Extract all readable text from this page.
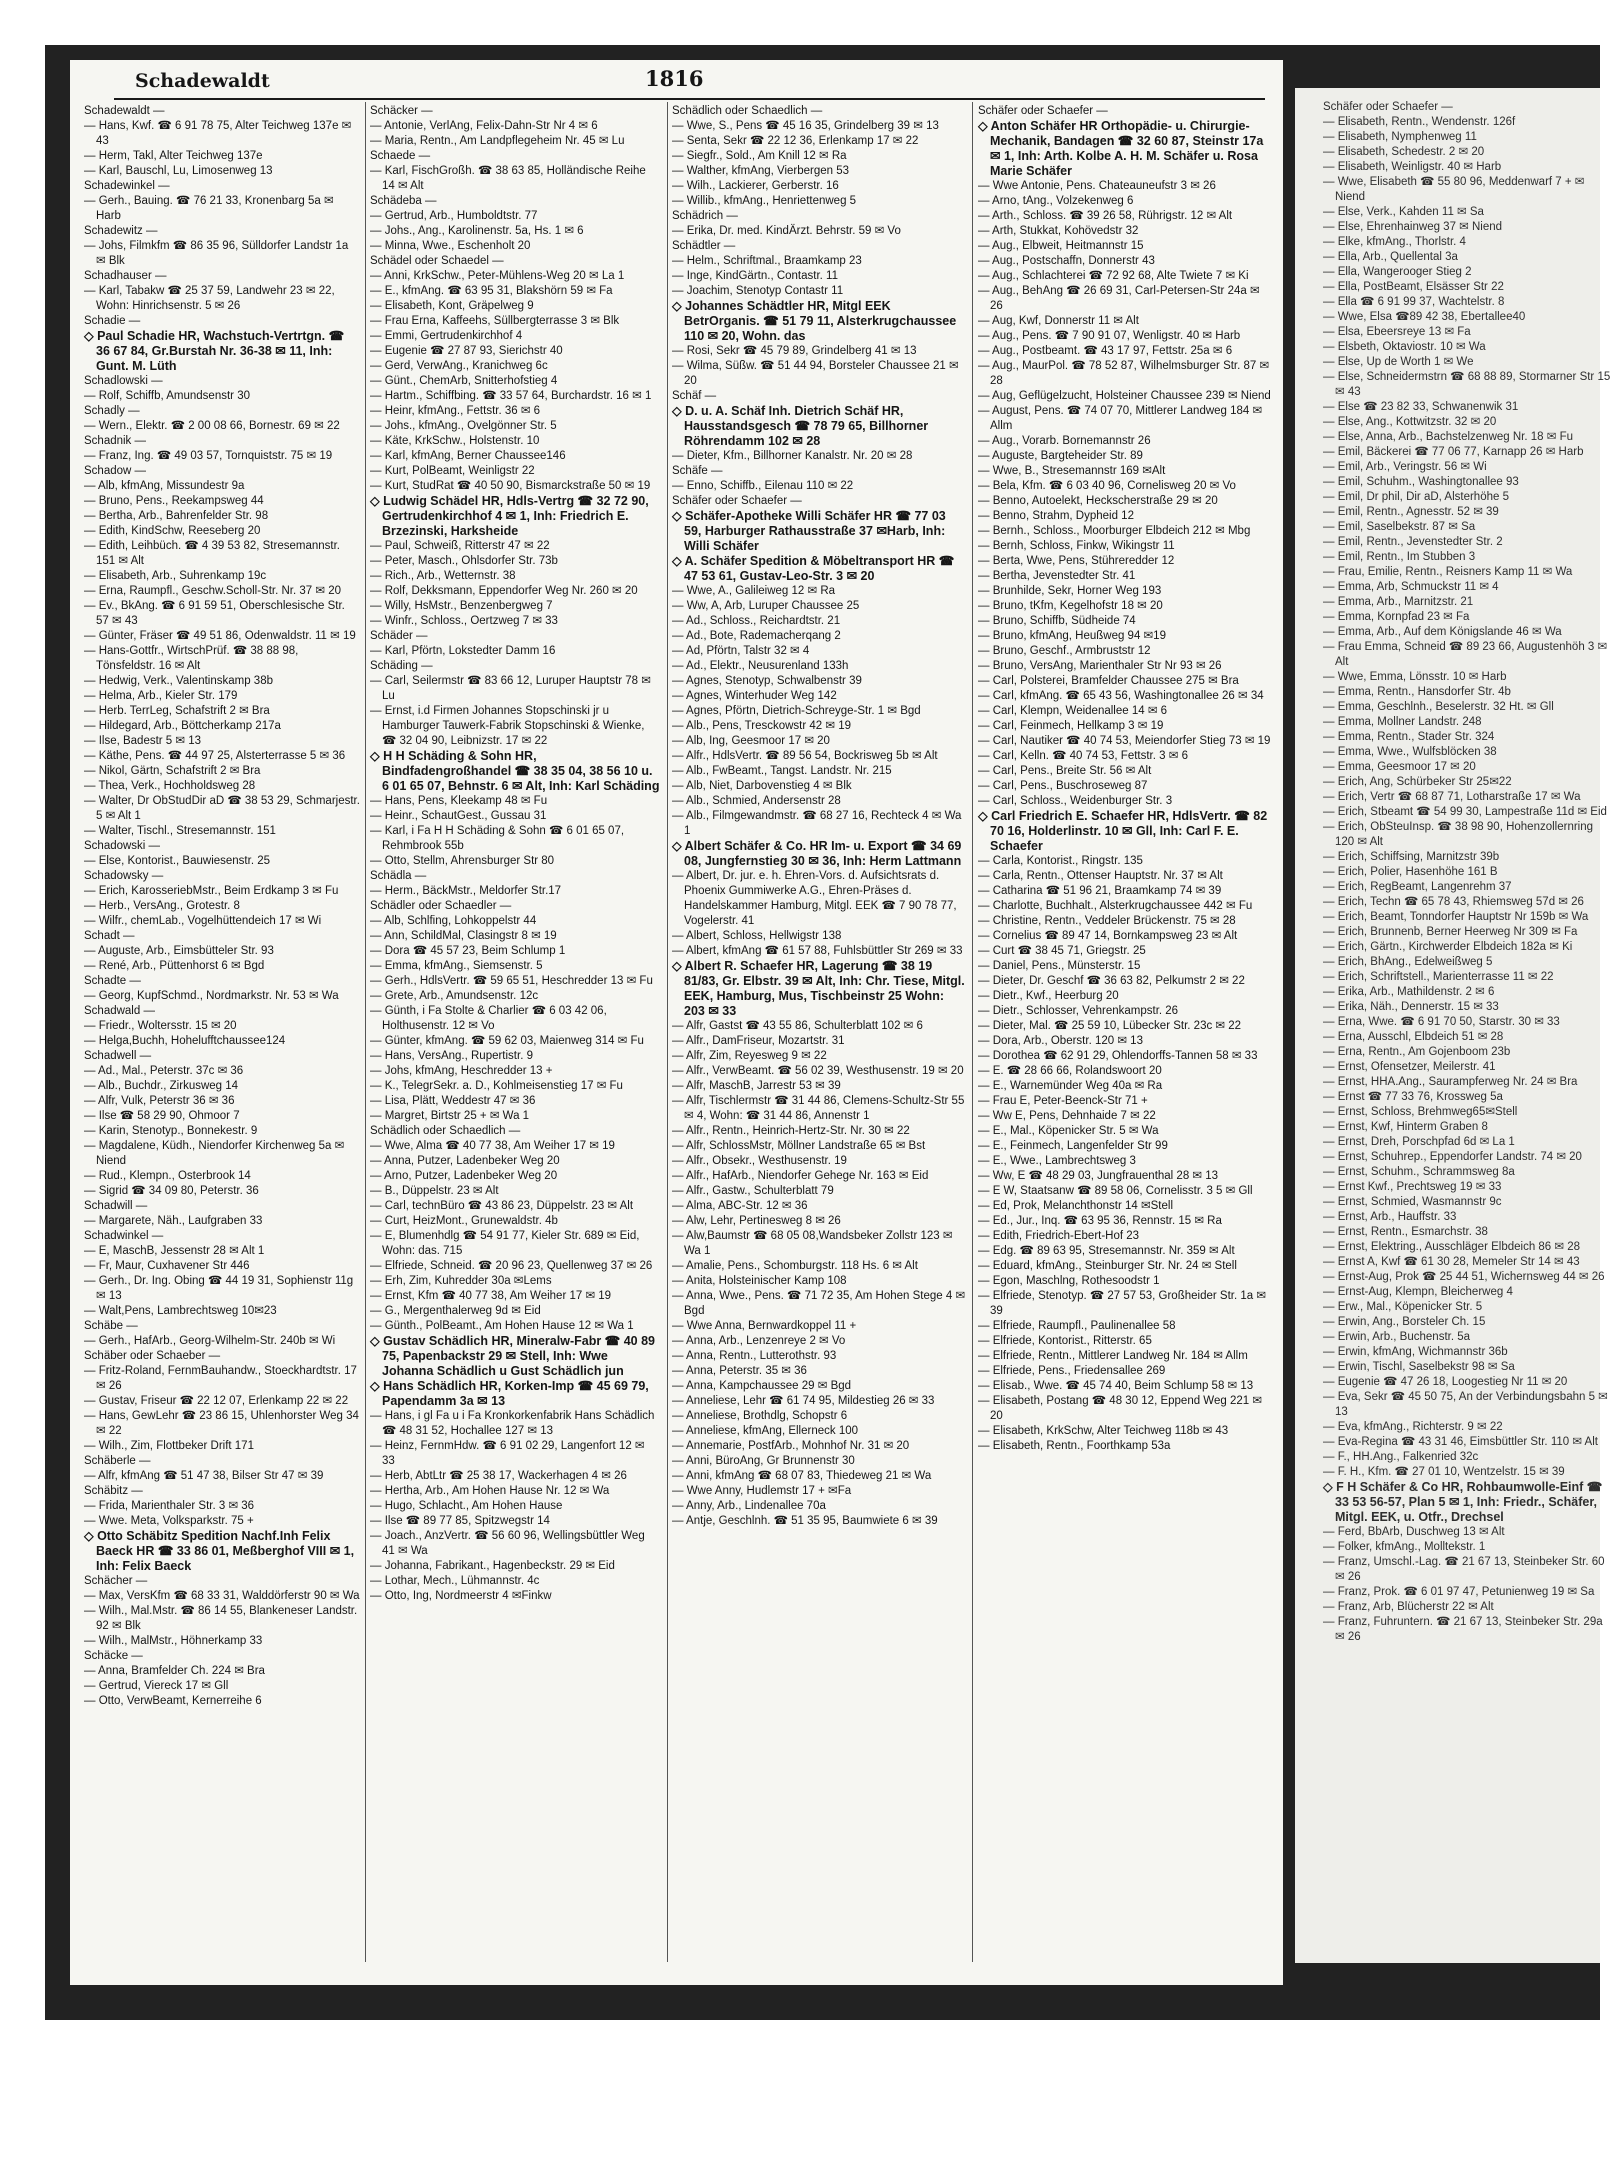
Schadewaldt	1816
Schadewaldt —
— Hans, Kwf. ☎ 6 91 78 75, Alter Teichweg 137e ✉ 43
— Herm, Takl, Alter Teichweg 137e
— Karl, Bauschl, Lu, Limosenweg 13
Schadewinkel —
— Gerh., Bauing. ☎ 76 21 33, Kronenbarg 5a ✉ Harb
Schadewitz —
— Johs, Filmkfm ☎ 86 35 96, Sülldorfer Landstr 1a ✉ Blk
Schadhauser —
— Karl, Tabakw ☎ 25 37 59, Landwehr 23 ✉ 22, Wohn: Hinrichsenstr. 5 ✉ 26
Schadie —
◇ Paul Schadie HR, Wachstuch-Vertrtgn. ☎ 36 67 84, Gr.Burstah Nr. 36-38 ✉ 11, Inh: Gunt. M. Lüth
Schadlowski —
— Rolf, Schiffb, Amundsenstr 30
Schadly —
— Wern., Elektr. ☎ 2 00 08 66, Bornestr. 69 ✉ 22
Schadnik —
— Franz, Ing. ☎ 49 03 57, Tornquiststr. 75 ✉ 19
Schadow —
— Alb, kfmAng, Missundestr 9a
— Bruno, Pens., Reekampsweg 44
— Bertha, Arb., Bahrenfelder Str. 98
— Edith, KindSchw, Reeseberg 20
— Edith, Leihbüch. ☎ 4 39 53 82, Stresemannstr. 151 ✉ Alt
— Elisabeth, Arb., Suhrenkamp 19c
— Erna, Raumpfl., Geschw.Scholl-Str. Nr. 37 ✉ 20
— Ev., BkAng. ☎ 6 91 59 51, Oberschlesische Str. 57 ✉ 43
— Günter, Fräser ☎ 49 51 86, Odenwaldstr. 11 ✉ 19
— Hans-Gottfr., WirtschPrüf. ☎ 38 88 98, Tönsfeldstr. 16 ✉ Alt
— Hedwig, Verk., Valentinskamp 38b
— Helma, Arb., Kieler Str. 179
— Herb. TerrLeg, Schafstrift 2 ✉ Bra
— Hildegard, Arb., Böttcherkamp 217a
— Ilse, Badestr 5 ✉ 13
— Käthe, Pens. ☎ 44 97 25, Alsterterrasse 5 ✉ 36
— Nikol, Gärtn, Schafstrift 2 ✉ Bra
— Thea, Verk., Hochholdsweg 28
— Walter, Dr ObStudDir aD ☎ 38 53 29, Schmarjestr. 5 ✉ Alt 1
— Walter, Tischl., Stresemannstr. 151
Schadowski —
— Else, Kontorist., Bauwiesenstr. 25
Schadowsky —
— Erich, KarosseriebMstr., Beim Erdkamp 3 ✉ Fu
— Herb., VersAng., Grotestr. 8
— Wilfr., chemLab., Vogelhüttendeich 17 ✉ Wi
Schadt —
— Auguste, Arb., Eimsbütteler Str. 93
— René, Arb., Püttenhorst 6 ✉ Bgd
Schadte —
— Georg, KupfSchmd., Nordmarkstr. Nr. 53 ✉ Wa
Schadwald —
— Friedr., Woltersstr. 15 ✉ 20
— Helga,Buchh, Hohelufftchaussee124
Schadwell —
— Ad., Mal., Peterstr. 37c ✉ 36
— Alb., Buchdr., Zirkusweg 14
— Alfr, Vulk, Peterstr 36 ✉ 36
— Ilse ☎ 58 29 90, Ohmoor 7
— Karin, Stenotyp., Bonnekestr. 9
— Magdalene, Küdh., Niendorfer Kirchenweg 5a ✉ Niend
— Rud., Klempn., Osterbrook 14
— Sigrid ☎ 34 09 80, Peterstr. 36
Schadwill —
— Margarete, Näh., Laufgraben 33
Schadwinkel —
— E, MaschB, Jessenstr 28 ✉ Alt 1
— Fr, Maur, Cuxhavener Str 446
— Gerh., Dr. Ing. Obing ☎ 44 19 31, Sophienstr 11g ✉ 13
— Walt,Pens, Lambrechtsweg 10✉23
Schäbe —
— Gerh., HafArb., Georg-Wilhelm-Str. 240b ✉ Wi
Schäber oder Schaeber —
— Fritz-Roland, FernmBauhandw., Stoeckhardtstr. 17 ✉ 26
— Gustav, Friseur ☎ 22 12 07, Erlenkamp 22 ✉ 22
— Hans, GewLehr ☎ 23 86 15, Uhlenhorster Weg 34 ✉ 22
— Wilh., Zim, Flottbeker Drift 171
Schäberle —
— Alfr, kfmAng ☎ 51 47 38, Bilser Str 47 ✉ 39
Schäbitz —
— Frida, Marienthaler Str. 3 ✉ 36
— Wwe. Meta, Volksparkstr. 75 +
◇ Otto Schäbitz Spedition Nachf.Inh Felix Baeck HR ☎ 33 86 01, Meßberghof VIII ✉ 1, Inh: Felix Baeck
Schächer —
— Max, VersKfm ☎ 68 33 31, Walddörferstr 90 ✉ Wa
— Wilh., Mal.Mstr. ☎ 86 14 55, Blankeneser Landstr. 92 ✉ Blk
— Wilh., MalMstr., Höhnerkamp 33
Schäcke —
— Anna, Bramfelder Ch. 224 ✉ Bra
— Gertrud, Viereck 17 ✉ Gll
— Otto, VerwBeamt, Kernerreihe 6
Schäcker —
— Antonie, VerlAng, Felix-Dahn-Str Nr 4 ✉ 6
— Maria, Rentn., Am Landpflegeheim Nr. 45 ✉ Lu
Schaede —
— Karl, FischGroßh. ☎ 38 63 85, Holländische Reihe 14 ✉ Alt
Schädeba —
— Gertrud, Arb., Humboldtstr. 77
— Johs., Ang., Karolinenstr. 5a, Hs. 1 ✉ 6
— Minna, Wwe., Eschenholt 20
Schädel oder Schaedel —
— Anni, KrkSchw., Peter-Mühlens-Weg 20 ✉ La 1
— E., kfmAng. ☎ 63 95 31, Blakshörn 59 ✉ Fa
— Elisabeth, Kont, Gräpelweg 9
— Frau Erna, Kaffeehs, Süllbergterrasse 3 ✉ Blk
— Emmi, Gertrudenkirchhof 4
— Eugenie ☎ 27 87 93, Sierichstr 40
— Gerd, VerwAng., Kranichweg 6c
— Günt., ChemArb, Snitterhofstieg 4
— Hartm., Schiffbing. ☎ 33 57 64, Burchardstr. 16 ✉ 1
— Heinr, kfmAng., Fettstr. 36 ✉ 6
— Johs., kfmAng., Ovelgönner Str. 5
— Käte, KrkSchw., Holstenstr. 10
— Karl, kfmAng, Berner Chaussee146
— Kurt, PolBeamt, Weinligstr 22
— Kurt, StudRat ☎ 40 50 90, Bismarckstraße 50 ✉ 19
◇ Ludwig Schädel HR, Hdls-Vertrg ☎ 32 72 90, Gertrudenkirchhof 4 ✉ 1, Inh: Friedrich E. Brzezinski, Harksheide
— Paul, Schweiß, Ritterstr 47 ✉ 22
— Peter, Masch., Ohlsdorfer Str. 73b
— Rich., Arb., Wetternstr. 38
— Rolf, Dekksmann, Eppendorfer Weg Nr. 260 ✉ 20
— Willy, HsMstr., Benzenbergweg 7
— Winfr., Schloss., Oertzweg 7 ✉ 33
Schäder —
— Karl, Pförtn, Lokstedter Damm 16
Schäding —
— Carl, Seilermstr ☎ 83 66 12, Luruper Hauptstr 78 ✉ Lu
— Ernst, i.d Firmen Johannes Stopschinski jr u Hamburger Tauwerk-Fabrik Stopschinski & Wienke, ☎ 32 04 90, Leibnizstr. 17 ✉ 22
◇ H H Schäding & Sohn HR, Bindfadengroßhandel ☎ 38 35 04, 38 56 10 u. 6 01 65 07, Behnstr. 6 ✉ Alt, Inh: Karl Schäding
— Hans, Pens, Kleekamp 48 ✉ Fu
— Heinr., SchautGest., Gussau 31
— Karl, i Fa H H Schäding & Sohn ☎ 6 01 65 07, Rehmbrook 55b
— Otto, Stellm, Ahrensburger Str 80
Schädla —
— Herm., BäckMstr., Meldorfer Str.17
Schädler oder Schaedler —
— Alb, Schlfing, Lohkoppelstr 44
— Ann, SchildMal, Clasingstr 8 ✉ 19
— Dora ☎ 45 57 23, Beim Schlump 1
— Emma, kfmAng., Siemsenstr. 5
— Gerh., HdlsVertr. ☎ 59 65 51, Heschredder 13 ✉ Fu
— Grete, Arb., Amundsenstr. 12c
— Günth, i Fa Stolte & Charlier ☎ 6 03 42 06, Holthusenstr. 12 ✉ Vo
— Günter, kfmAng. ☎ 59 62 03, Maienweg 314 ✉ Fu
— Hans, VersAng., Rupertistr. 9
— Johs, kfmAng, Heschredder 13 +
— K., TelegrSekr. a. D., Kohlmeisenstieg 17 ✉ Fu
— Lisa, Plätt, Weddestr 47 ✉ 36
— Margret, Birtstr 25 + ✉ Wa 1
Schädlich oder Schaedlich —
— Wwe, Alma ☎ 40 77 38, Am Weiher 17 ✉ 19
— Anna, Putzer, Ladenbeker Weg 20
— Arno, Putzer, Ladenbeker Weg 20
— B., Düppelstr. 23 ✉ Alt
— Carl, technBüro ☎ 43 86 23, Düppelstr. 23 ✉ Alt
— Curt, HeizMont., Grunewaldstr. 4b
— E, Blumenhdlg ☎ 54 91 77, Kieler Str. 689 ✉ Eid, Wohn: das. 715
— Elfriede, Schneid. ☎ 20 96 23, Quellenweg 37 ✉ 26
— Erh, Zim, Kuhredder 30a ✉Lems
— Ernst, Kfm ☎ 40 77 38, Am Weiher 17 ✉ 19
— G., Mergenthalerweg 9d ✉ Eid
— Günth., PolBeamt., Am Hohen Hause 12 ✉ Wa 1
◇ Gustav Schädlich HR, Mineralw-Fabr ☎ 40 89 75, Papenbackstr 29 ✉ Stell, Inh: Wwe Johanna Schädlich u Gust Schädlich jun
◇ Hans Schädlich HR, Korken-Imp ☎ 45 69 79, Papendamm 3a ✉ 13
— Hans, i gl Fa u i Fa Kronkorkenfabrik Hans Schädlich ☎ 48 31 52, Hochallee 127 ✉ 13
— Heinz, FernmHdw. ☎ 6 91 02 29, Langenfort 12 ✉ 33
— Herb, AbtLtr ☎ 25 38 17, Wackerhagen 4 ✉ 26
— Hertha, Arb., Am Hohen Hause Nr. 12 ✉ Wa
— Hugo, Schlacht., Am Hohen Hause
— Ilse ☎ 89 77 85, Spitzwegstr 14
— Joach., AnzVertr. ☎ 56 60 96, Wellingsbüttler Weg 41 ✉ Wa
— Johanna, Fabrikant., Hagenbeckstr. 29 ✉ Eid
— Lothar, Mech., Lühmannstr. 4c
— Otto, Ing, Nordmeerstr 4 ✉Finkw
Schädlich oder Schaedlich —
— Wwe, S., Pens ☎ 45 16 35, Grindelberg 39 ✉ 13
— Senta, Sekr ☎ 22 12 36, Erlenkamp 17 ✉ 22
— Siegfr., Sold., Am Knill 12 ✉ Ra
— Walther, kfmAng, Vierbergen 53
— Wilh., Lackierer, Gerberstr. 16
— Willib., kfmAng., Henriettenweg 5
Schädrich —
— Erika, Dr. med. KindÄrzt. Behrstr. 59 ✉ Vo
Schädtler —
— Helm., Schriftmal., Braamkamp 23
— Inge, KindGärtn., Contastr. 11
— Joachim, Stenotyp Contastr 11
◇ Johannes Schädtler HR, Mitgl EEK BetrOrganis. ☎ 51 79 11, Alsterkrugchaussee 110 ✉ 20, Wohn. das
— Rosi, Sekr ☎ 45 79 89, Grindelberg 41 ✉ 13
— Wilma, Süßw. ☎ 51 44 94, Borsteler Chaussee 21 ✉ 20
Schäf —
◇ D. u. A. Schäf Inh. Dietrich Schäf HR, Hausstandsgesch ☎ 78 79 65, Billhorner Röhrendamm 102 ✉ 28
— Dieter, Kfm., Billhorner Kanalstr. Nr. 20 ✉ 28
Schäfe —
— Enno, Schiffb., Eilenau 110 ✉ 22
Schäfer oder Schaefer —
◇ Schäfer-Apotheke Willi Schäfer HR ☎ 77 03 59, Harburger Rathausstraße 37 ✉Harb, Inh: Willi Schäfer
◇ A. Schäfer Spedition & Möbeltransport HR ☎ 47 53 61, Gustav-Leo-Str. 3 ✉ 20
— Wwe, A., Galileiweg 12 ✉ Ra
— Ww, A, Arb, Luruper Chaussee 25
— Ad., Schloss., Reichardtstr. 21
— Ad., Bote, Rademacherqang 2
— Ad, Pförtn, Talstr 32 ✉ 4
— Ad., Elektr., Neusurenland 133h
— Agnes, Stenotyp, Schwalbenstr 39
— Agnes, Winterhuder Weg 142
— Agnes, Pförtn, Dietrich-Schreyge-Str. 1 ✉ Bgd
— Alb., Pens, Tresckowstr 42 ✉ 19
— Alb, Ing, Geesmoor 17 ✉ 20
— Alfr., HdlsVertr. ☎ 89 56 54, Bockrisweg 5b ✉ Alt
— Alb., FwBeamt., Tangst. Landstr. Nr. 215
— Alb, Niet, Darbovenstieg 4 ✉ Blk
— Alb., Schmied, Andersenstr 28
— Alb., Filmgewandmstr. ☎ 68 27 16, Rechteck 4 ✉ Wa 1
◇ Albert Schäfer & Co. HR Im- u. Export ☎ 34 69 08, Jungfernstieg 30 ✉ 36, Inh: Herm Lattmann
— Albert, Dr. jur. e. h. Ehren-Vors. d. Aufsichtsrats d. Phoenix Gummiwerke A.G., Ehren-Präses d. Handelskammer Hamburg, Mitgl. EEK ☎ 7 90 78 77, Vogelerstr. 41
— Albert, Schloss, Hellwigstr 138
— Albert, kfmAng ☎ 61 57 88, Fuhlsbüttler Str 269 ✉ 33
◇ Albert R. Schaefer HR, Lagerung ☎ 38 19 81/83, Gr. Elbstr. 39 ✉ Alt, Inh: Chr. Tiese, Mitgl. EEK, Hamburg, Mus, Tischbeinstr 25 Wohn: 203 ✉ 33
— Alfr, Gastst ☎ 43 55 86, Schulterblatt 102 ✉ 6
— Alfr., DamFriseur, Mozartstr. 31
— Alfr, Zim, Reyesweg 9 ✉ 22
— Alfr., VerwBeamt. ☎ 56 02 39, Westhusenstr. 19 ✉ 20
— Alfr, MaschB, Jarrestr 53 ✉ 39
— Alfr, Tischlermstr ☎ 31 44 86, Clemens-Schultz-Str 55 ✉ 4, Wohn: ☎ 31 44 86, Annenstr 1
— Alfr., Rentn., Heinrich-Hertz-Str. Nr. 30 ✉ 22
— Alfr, SchlossMstr, Möllner Landstraße 65 ✉ Bst
— Alfr., Obsekr., Westhusenstr. 19
— Alfr., HafArb., Niendorfer Gehege Nr. 163 ✉ Eid
— Alfr., Gastw., Schulterblatt 79
— Alma, ABC-Str. 12 ✉ 36
— Alw, Lehr, Pertinesweg 8 ✉ 26
— Alw,Baumstr ☎ 68 05 08,Wandsbeker Zollstr 123 ✉ Wa 1
— Amalie, Pens., Schomburgstr. 118 Hs. 6 ✉ Alt
— Anita, Holsteinischer Kamp 108
— Anna, Wwe., Pens. ☎ 71 72 35, Am Hohen Stege 4 ✉ Bgd
— Wwe Anna, Bernwardkoppel 11 +
— Anna, Arb., Lenzenreye 2 ✉ Vo
— Anna, Rentn., Lutterothstr. 93
— Anna, Peterstr. 35 ✉ 36
— Anna, Kampchaussee 29 ✉ Bgd
— Anneliese, Lehr ☎ 61 74 95, Mildestieg 26 ✉ 33
— Anneliese, Brothdlg, Schopstr 6
— Anneliese, kfmAng, Ellerneck 100
— Annemarie, PostfArb., Mohnhof Nr. 31 ✉ 20
— Anni, BüroAng, Gr Brunnenstr 30
— Anni, kfmAng ☎ 68 07 83, Thiedeweg 21 ✉ Wa
— Wwe Anny, Hudlemstr 17 + ✉Fa
— Anny, Arb., Lindenallee 70a
— Antje, Geschlnh. ☎ 51 35 95, Baumwiete 6 ✉ 39
Schäfer oder Schaefer —
◇ Anton Schäfer HR Orthopädie- u. Chirurgie-Mechanik, Bandagen ☎ 32 60 87, Steinstr 17a ✉ 1, Inh: Arth. Kolbe A. H. M. Schäfer u. Rosa Marie Schäfer
— Wwe Antonie, Pens. Chateauneufstr 3 ✉ 26
— Arno, tAng., Volzekenweg 6
— Arth., Schloss. ☎ 39 26 58, Rührigstr. 12 ✉ Alt
— Arth, Stukkat, Kohövedstr 32
— Aug., Elbweit, Heitmannstr 15
— Aug., Postschaffn, Donnerstr 43
— Aug., Schlachterei ☎ 72 92 68, Alte Twiete 7 ✉ Ki
— Aug., BehAng ☎ 26 69 31, Carl-Petersen-Str 24a ✉ 26
— Aug, Kwf, Donnerstr 11 ✉ Alt
— Aug., Pens. ☎ 7 90 91 07, Wenligstr. 40 ✉ Harb
— Aug., Postbeamt. ☎ 43 17 97, Fettstr. 25a ✉ 6
— Aug., MaurPol. ☎ 78 52 87, Wilhelmsburger Str. 87 ✉ 28
— Aug, Geflügelzucht, Holsteiner Chaussee 239 ✉ Niend
— August, Pens. ☎ 74 07 70, Mittlerer Landweg 184 ✉ Allm
— Aug., Vorarb. Bornemannstr 26
— Auguste, Bargteheider Str. 89
— Wwe, B., Stresemannstr 169 ✉Alt
— Bela, Kfm. ☎ 6 03 40 96, Cornelisweg 20 ✉ Vo
— Benno, Autoelekt, Heckscherstraße 29 ✉ 20
— Benno, Strahm, Dypheid 12
— Bernh., Schloss., Moorburger Elbdeich 212 ✉ Mbg
— Bernh, Schloss, Finkw, Wikingstr 11
— Berta, Wwe, Pens, Stühreredder 12
— Bertha, Jevenstedter Str. 41
— Brunhilde, Sekr, Horner Weg 193
— Bruno, tKfm, Kegelhofstr 18 ✉ 20
— Bruno, Schiffb, Südheide 74
— Bruno, kfmAng, Heußweg 94 ✉19
— Bruno, Geschf., Armbruststr 12
— Bruno, VersAng, Marienthaler Str Nr 93 ✉ 26
— Carl, Polsterei, Bramfelder Chaussee 275 ✉ Bra
— Carl, kfmAng. ☎ 65 43 56, Washingtonallee 26 ✉ 34
— Carl, Klempn, Weidenallee 14 ✉ 6
— Carl, Feinmech, Hellkamp 3 ✉ 19
— Carl, Nautiker ☎ 40 74 53, Meiendorfer Stieg 73 ✉ 19
— Carl, Kelln. ☎ 40 74 53, Fettstr. 3 ✉ 6
— Carl, Pens., Breite Str. 56 ✉ Alt
— Carl, Pens., Buschroseweg 87
— Carl, Schloss., Weidenburger Str. 3
◇ Carl Friedrich E. Schaefer HR, HdlsVertr. ☎ 82 70 16, Holderlinstr. 10 ✉ Gll, Inh: Carl F. E. Schaefer
— Carla, Kontorist., Ringstr. 135
— Carla, Rentn., Ottenser Hauptstr. Nr. 37 ✉ Alt
— Catharina ☎ 51 96 21, Braamkamp 74 ✉ 39
— Charlotte, Buchhalt., Alsterkrugchaussee 442 ✉ Fu
— Christine, Rentn., Veddeler Brückenstr. 75 ✉ 28
— Cornelius ☎ 89 47 14, Bornkampsweg 23 ✉ Alt
— Curt ☎ 38 45 71, Griegstr. 25
— Daniel, Pens., Münsterstr. 15
— Dieter, Dr. Geschf ☎ 36 63 82, Pelkumstr 2 ✉ 22
— Dietr., Kwf., Heerburg 20
— Dietr., Schlosser, Vehrenkampstr. 26
— Dieter, Mal. ☎ 25 59 10, Lübecker Str. 23c ✉ 22
— Dora, Arb., Oberstr. 120 ✉ 13
— Dorothea ☎ 62 91 29, Ohlendorffs-Tannen 58 ✉ 33
— E. ☎ 28 66 66, Rolandswoort 20
— E., Warnemünder Weg 40a ✉ Ra
— Frau E, Peter-Beenck-Str 71 +
— Ww E, Pens, Dehnhaide 7 ✉ 22
— E., Mal., Köpenicker Str. 5 ✉ Wa
— E., Feinmech, Langenfelder Str 99
— E., Wwe., Lambrechtsweg 3
— Ww, E ☎ 48 29 03, Jungfrauenthal 28 ✉ 13
— E W, Staatsanw ☎ 89 58 06, Cornelisstr. 3 5 ✉ Gll
— Ed, Prok, Melanchthonstr 14 ✉Stell
— Ed., Jur., Inq. ☎ 63 95 36, Rennstr. 15 ✉ Ra
— Edith, Friedrich-Ebert-Hof 23
— Edg. ☎ 89 63 95, Stresemannstr. Nr. 359 ✉ Alt
— Eduard, kfmAng., Steinburger Str. Nr. 24 ✉ Stell
— Egon, Maschlng, Rothesoodstr 1
— Elfriede, Stenotyp. ☎ 27 57 53, Großheider Str. 1a ✉ 39
— Elfriede, Raumpfl., Paulinenallee 58
— Elfriede, Kontorist., Ritterstr. 65
— Elfriede, Rentn., Mittlerer Landweg Nr. 184 ✉ Allm
— Elfriede, Pens., Friedensallee 269
— Elisab., Wwe. ☎ 45 74 40, Beim Schlump 58 ✉ 13
— Elisabeth, Postang ☎ 48 30 12, Eppend Weg 221 ✉ 20
— Elisabeth, KrkSchw, Alter Teichweg 118b ✉ 43
— Elisabeth, Rentn., Foorthkamp 53a
Schäfer oder Schaefer —
— Elisabeth, Rentn., Wendenstr. 126f
— Elisabeth, Nymphenweg 11
— Elisabeth, Schedestr. 2 ✉ 20
— Elisabeth, Weinligstr. 40 ✉ Harb
— Wwe, Elisabeth ☎ 55 80 96, Meddenwarf 7 + ✉ Niend
— Else, Verk., Kahden 11 ✉ Sa
— Else, Ehrenhainweg 37 ✉ Niend
— Elke, kfmAng., Thorlstr. 4
— Ella, Arb., Quellental 3a
— Ella, Wangerooger Stieg 2
— Ella, PostBeamt, Elsässer Str 22
— Ella ☎ 6 91 99 37, Wachtelstr. 8
— Wwe, Elsa ☎89 42 38, Ebertallee40
— Elsa, Ebeersreye 13 ✉ Fa
— Elsbeth, Oktaviostr. 10 ✉ Wa
— Else, Up de Worth 1 ✉ We
— Else, Schneidermstrn ☎ 68 88 89, Stormarner Str 15 ✉ 43
— Else ☎ 23 82 33, Schwanenwik 31
— Else, Ang., Kottwitzstr. 32 ✉ 20
— Else, Anna, Arb., Bachstelzenweg Nr. 18 ✉ Fu
— Emil, Bäckerei ☎ 77 06 77, Karnapp 26 ✉ Harb
— Emil, Arb., Veringstr. 56 ✉ Wi
— Emil, Schuhm., Washingtonallee 93
— Emil, Dr phil, Dir aD, Alsterhöhe 5
— Emil, Rentn., Agnesstr. 52 ✉ 39
— Emil, Saselbekstr. 87 ✉ Sa
— Emil, Rentn., Jevenstedter Str. 2
— Emil, Rentn., Im Stubben 3
— Frau, Emilie, Rentn., Reisners Kamp 11 ✉ Wa
— Emma, Arb, Schmuckstr 11 ✉ 4
— Emma, Arb., Marnitzstr. 21
— Emma, Kornpfad 23 ✉ Fa
— Emma, Arb., Auf dem Königslande 46 ✉ Wa
— Frau Emma, Schneid ☎ 89 23 66, Augustenhöh 3 ✉ Alt
— Wwe, Emma, Lönsstr. 10 ✉ Harb
— Emma, Rentn., Hansdorfer Str. 4b
— Emma, Geschlnh., Beselerstr. 32 Ht. ✉ Gll
— Emma, Mollner Landstr. 248
— Emma, Rentn., Stader Str. 324
— Emma, Wwe., Wulfsblöcken 38
— Emma, Geesmoor 17 ✉ 20
— Erich, Ang, Schürbeker Str 25✉22
— Erich, Vertr ☎ 68 87 71, Lotharstraße 17 ✉ Wa
— Erich, Stbeamt ☎ 54 99 30, Lampestraße 11d ✉ Eid
— Erich, ObSteuInsp. ☎ 38 98 90, Hohenzollernring 120 ✉ Alt
— Erich, Schiffsing, Marnitzstr 39b
— Erich, Polier, Hasenhöhe 161 B
— Erich, RegBeamt, Langenrehm 37
— Erich, Techn ☎ 65 78 43, Rhiemsweg 57d ✉ 26
— Erich, Beamt, Tonndorfer Hauptstr Nr 159b ✉ Wa
— Erich, Brunnenb, Berner Heerweg Nr 309 ✉ Fa
— Erich, Gärtn., Kirchwerder Elbdeich 182a ✉ Ki
— Erich, BhAng., Edelweißweg 5
— Erich, Schriftstell., Marienterrasse 11 ✉ 22
— Erika, Arb., Mathildenstr. 2 ✉ 6
— Erika, Näh., Dennerstr. 15 ✉ 33
— Erna, Wwe. ☎ 6 91 70 50, Starstr. 30 ✉ 33
— Erna, Ausschl, Elbdeich 51 ✉ 28
— Erna, Rentn., Am Gojenboom 23b
— Ernst, Ofensetzer, Meilerstr. 41
— Ernst, HHA.Ang., Saurampferweg Nr. 24 ✉ Bra
— Ernst ☎ 77 33 76, Krossweg 5a
— Ernst, Schloss, Brehmweg65✉Stell
— Ernst, Kwf, Hinterm Graben 8
— Ernst, Dreh, Porschpfad 6d ✉ La 1
— Ernst, Schuhrep., Eppendorfer Landstr. 74 ✉ 20
— Ernst, Schuhm., Schrammsweg 8a
— Ernst Kwf., Prechtsweg 19 ✉ 33
— Ernst, Schmied, Wasmannstr 9c
— Ernst, Arb., Hauffstr. 33
— Ernst, Rentn., Esmarchstr. 38
— Ernst, Elektring., Ausschläger Elbdeich 86 ✉ 28
— Ernst A, Kwf ☎ 61 30 28, Memeler Str 14 ✉ 43
— Ernst-Aug, Prok ☎ 25 44 51, Wichernsweg 44 ✉ 26
— Ernst-Aug, Klempn, Bleicherweg 4
— Erw., Mal., Köpenicker Str. 5
— Erwin, Ang., Borsteler Ch. 15
— Erwin, Arb., Buchenstr. 5a
— Erwin, kfmAng, Wichmannstr 36b
— Erwin, Tischl, Saselbekstr 98 ✉ Sa
— Eugenie ☎ 47 26 18, Loogestieg Nr 11 ✉ 20
— Eva, Sekr ☎ 45 50 75, An der Verbindungsbahn 5 ✉ 13
— Eva, kfmAng., Richterstr. 9 ✉ 22
— Eva-Regina ☎ 43 31 46, Eimsbüttler Str. 110 ✉ Alt
— F., HH.Ang., Falkenried 32c
— F. H., Kfm. ☎ 27 01 10, Wentzelstr. 15 ✉ 39
◇ F H Schäfer & Co HR, Rohbaumwolle-Einf ☎ 33 53 56-57, Plan 5 ✉ 1, Inh: Friedr., Schäfer, Mitgl. EEK, u. Otfr., Drechsel
— Ferd, BbArb, Duschweg 13 ✉ Alt
— Folker, kfmAng., Molltekstr. 1
— Franz, Umschl.-Lag. ☎ 21 67 13, Steinbeker Str. 60 ✉ 26
— Franz, Prok. ☎ 6 01 97 47, Petunienweg 19 ✉ Sa
— Franz, Arb, Blücherstr 22 ✉ Alt
— Franz, Fuhruntern. ☎ 21 67 13, Steinbeker Str. 29a ✉ 26
